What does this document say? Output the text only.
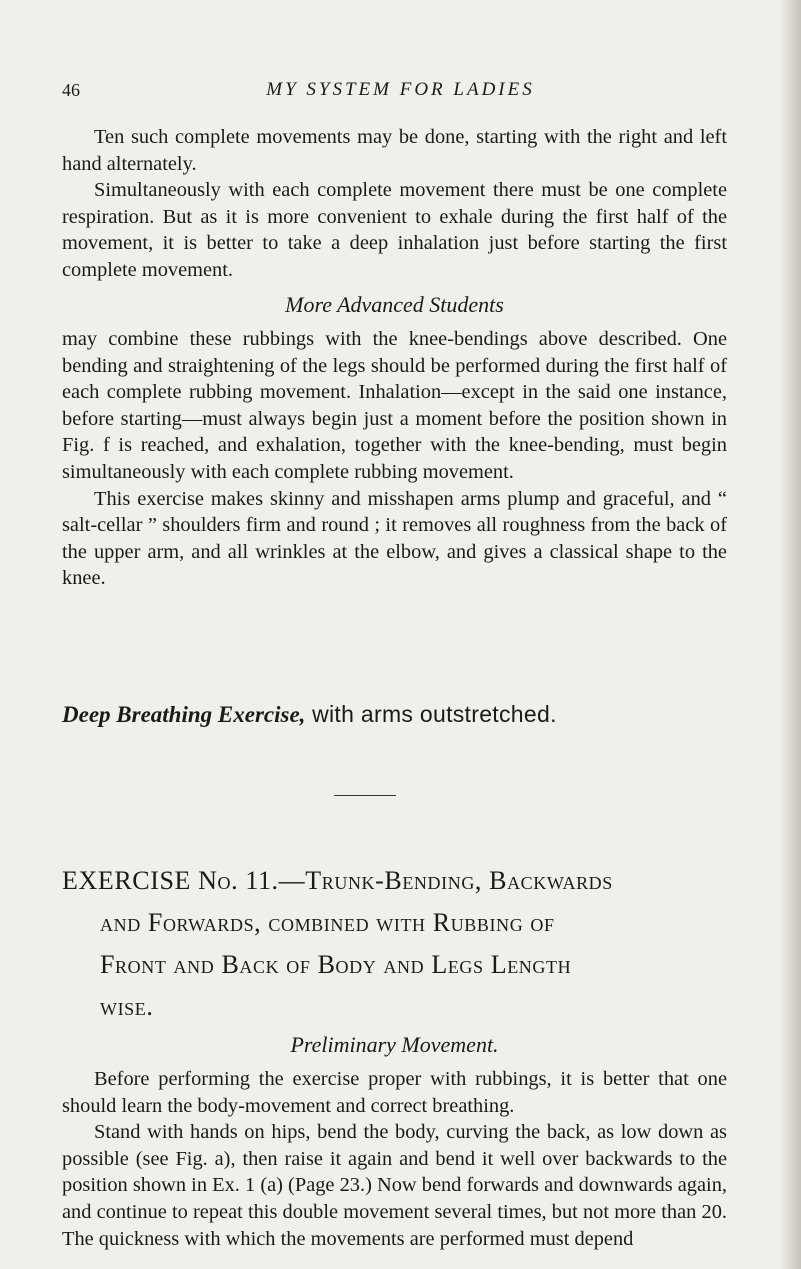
46	MY SYSTEM FOR LADIES

Ten such complete movements may be done, starting with the right and left hand alternately.

Simultaneously with each complete movement there must be one complete respiration. But as it is more convenient to exhale during the first half of the movement, it is better to take a deep inhalation just before starting the first complete movement.

More Advanced Students

may combine these rubbings with the knee-bendings above described. One bending and straightening of the legs should be performed during the first half of each complete rubbing movement. Inhalation—except in the said one instance, before starting—must always begin just a moment before the position shown in Fig. f is reached, and exhalation, together with the knee-bending, must begin simultaneously with each complete rubbing movement.

This exercise makes skinny and misshapen arms plump and graceful, and “ salt-cellar ” shoulders firm and round ; it removes all roughness from the back of the upper arm, and all wrinkles at the elbow, and gives a classical shape to the knee.

Deep Breathing Exercise, with arms outstretched.

EXERCISE No. 11.—Trunk-Bending, Backwards

and Forwards, combined with Rubbing of

Front and Back of Body and Legs Length

wise.

Preliminary Movement.

Before performing the exercise proper with rubbings, it is better that one should learn the body-movement and correct breathing.

Stand with hands on hips, bend the body, curving the back, as low down as possible (see Fig. a), then raise it again and bend it well over backwards to the position shown in Ex. 1 (a) (Page 23.) Now bend forwards and downwards again, and continue to repeat this double movement several times, but not more than 20. The quickness with which the movements are performed must depend
